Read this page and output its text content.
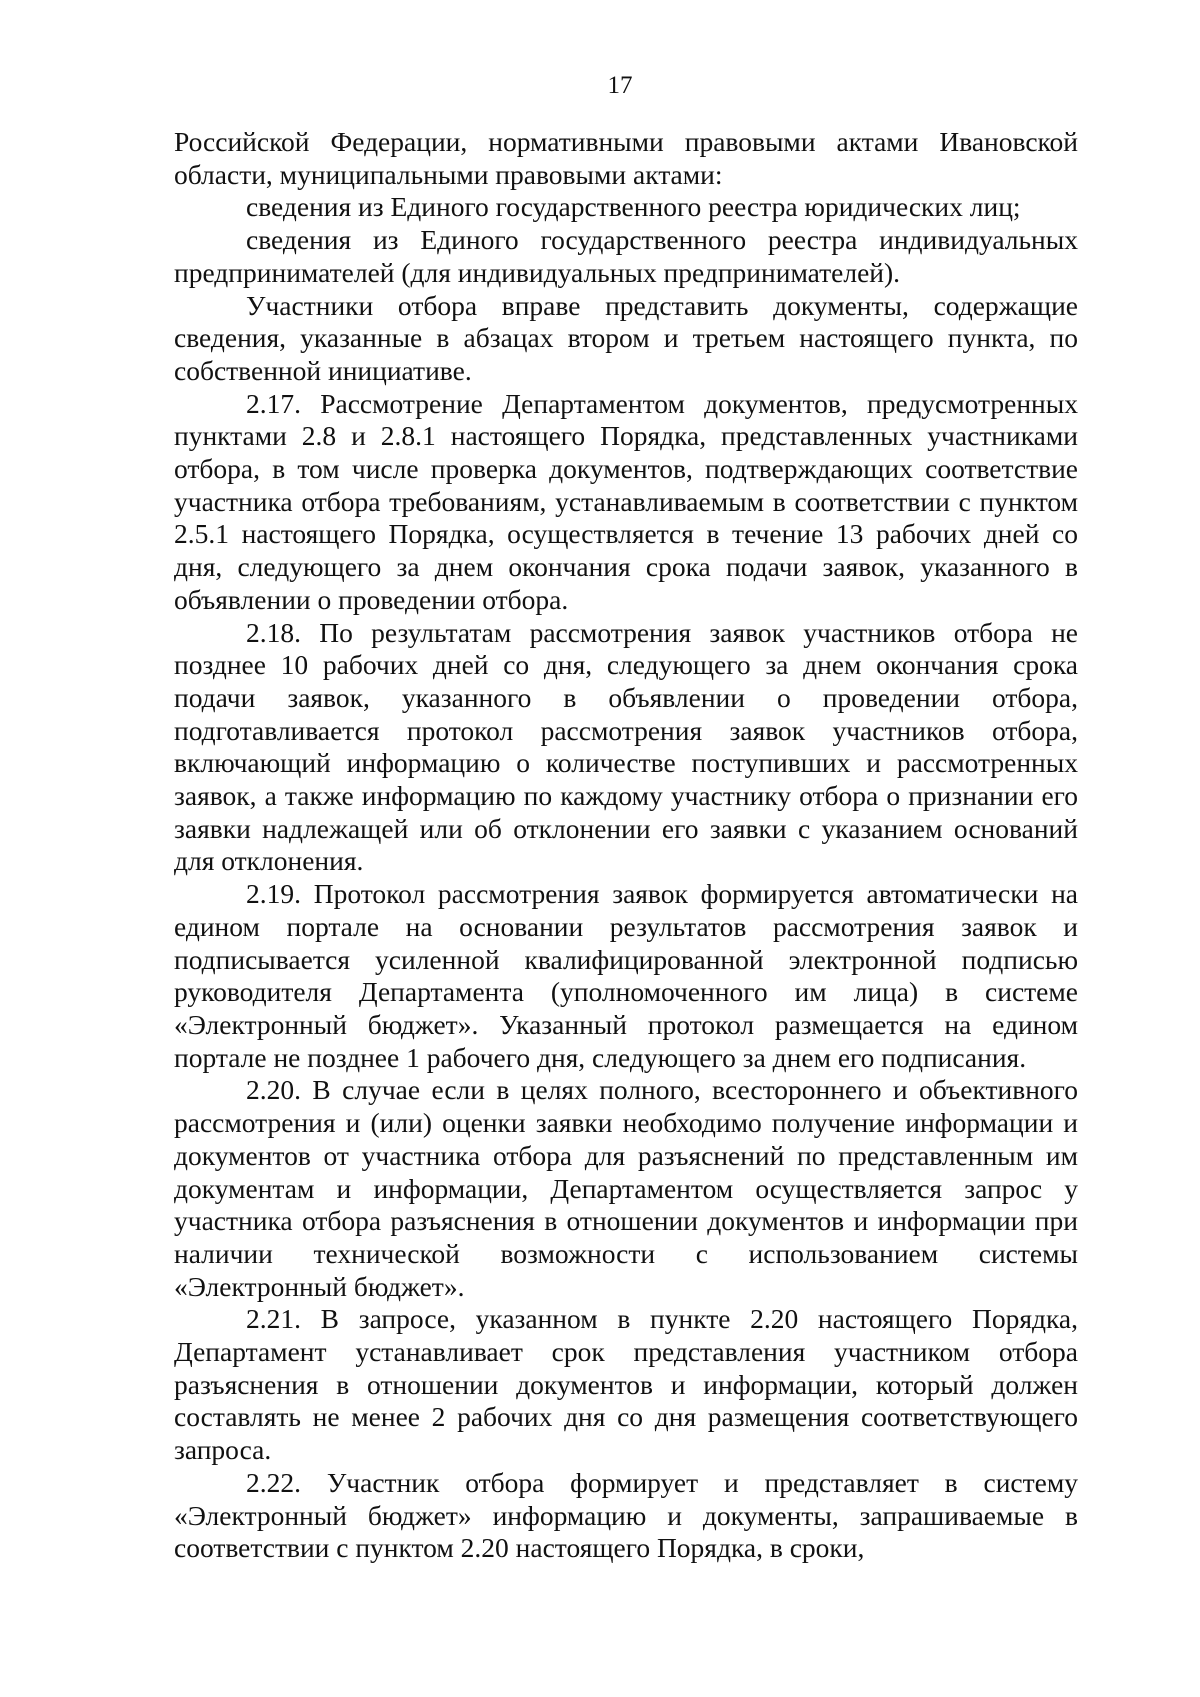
17

Российской Федерации, нормативными правовыми актами Ивановской области, муниципальными правовыми актами:

сведения из Единого государственного реестра юридических лиц;

сведения из Единого государственного реестра индивидуальных предпринимателей (для индивидуальных предпринимателей).

Участники отбора вправе представить документы, содержащие сведения, указанные в абзацах втором и третьем настоящего пункта, по собственной инициативе.

2.17. Рассмотрение Департаментом документов, предусмотренных пунктами 2.8 и 2.8.1 настоящего Порядка, представленных участниками отбора, в том числе проверка документов, подтверждающих соответствие участника отбора требованиям, устанавливаемым в соответствии с пунктом 2.5.1 настоящего Порядка, осуществляется в течение 13 рабочих дней со дня, следующего за днем окончания срока подачи заявок, указанного в объявлении о проведении отбора.

2.18. По результатам рассмотрения заявок участников отбора не позднее 10 рабочих дней со дня, следующего за днем окончания срока подачи заявок, указанного в объявлении о проведении отбора, подготавливается протокол рассмотрения заявок участников отбора, включающий информацию о количестве поступивших и рассмотренных заявок, а также информацию по каждому участнику отбора о признании его заявки надлежащей или об отклонении его заявки с указанием оснований для отклонения.

2.19. Протокол рассмотрения заявок формируется автоматически на едином портале на основании результатов рассмотрения заявок и подписывается усиленной квалифицированной электронной подписью руководителя Департамента (уполномоченного им лица) в системе «Электронный бюджет». Указанный протокол размещается на едином портале не позднее 1 рабочего дня, следующего за днем его подписания.

2.20. В случае если в целях полного, всестороннего и объективного рассмотрения и (или) оценки заявки необходимо получение информации и документов от участника отбора для разъяснений по представленным им документам и информации, Департаментом осуществляется запрос у участника отбора разъяснения в отношении документов и информации при наличии технической возможности с использованием системы «Электронный бюджет».

2.21. В запросе, указанном в пункте 2.20 настоящего Порядка, Департамент устанавливает срок представления участником отбора разъяснения в отношении документов и информации, который должен составлять не менее 2 рабочих дня со дня размещения соответствующего запроса.

2.22. Участник отбора формирует и представляет в систему «Электронный бюджет» информацию и документы, запрашиваемые в соответствии с пунктом 2.20 настоящего Порядка, в сроки,
